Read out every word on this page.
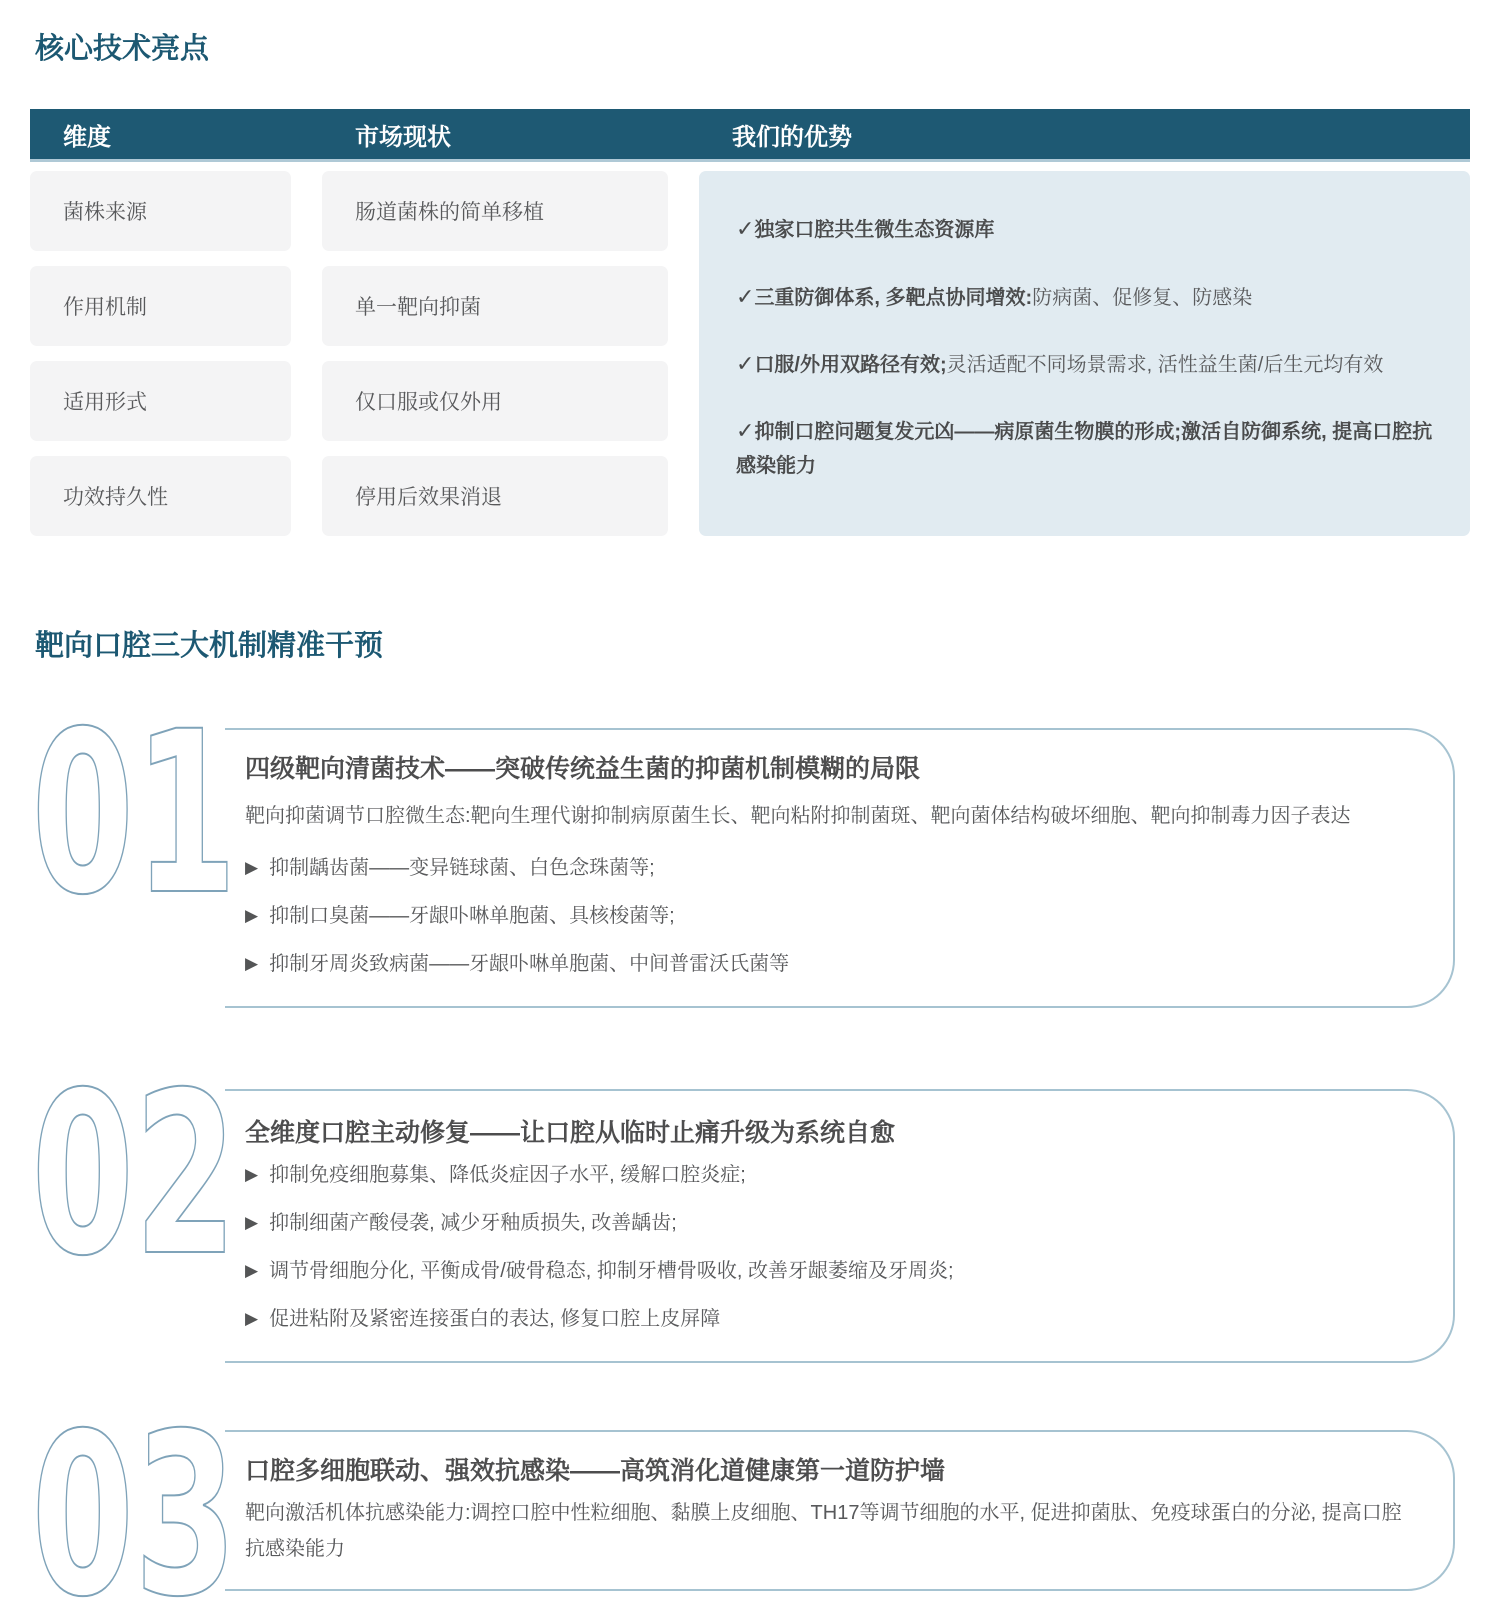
核心技术亮点
维度	市场现状	我们的优势
菌株来源	肠道菌株的简单移植
作用机制	单一靶向抑菌
适用形式	仅口服或仅外用
功效持久性	停用后效果消退
✓独家口腔共生微生态资源库
✓三重防御体系, 多靶点协同增效:防病菌、促修复、防感染
✓口服/外用双路径有效;灵活适配不同场景需求, 活性益生菌/后生元均有效
✓抑制口腔问题复发元凶——病原菌生物膜的形成;激活自防御系统, 提高口腔抗感染能力
靶向口腔三大机制精准干预
01 四级靶向清菌技术——突破传统益生菌的抑菌机制模糊的局限
靶向抑菌调节口腔微生态:靶向生理代谢抑制病原菌生长、靶向粘附抑制菌斑、靶向菌体结构破坏细胞、靶向抑制毒力因子表达
▶ 抑制龋齿菌——变异链球菌、白色念珠菌等;
▶ 抑制口臭菌——牙龈卟啉单胞菌、具核梭菌等;
▶ 抑制牙周炎致病菌——牙龈卟啉单胞菌、中间普雷沃氏菌等
02 全维度口腔主动修复——让口腔从临时止痛升级为系统自愈
▶ 抑制免疫细胞募集、降低炎症因子水平, 缓解口腔炎症;
▶ 抑制细菌产酸侵袭, 减少牙釉质损失, 改善龋齿;
▶ 调节骨细胞分化, 平衡成骨/破骨稳态, 抑制牙槽骨吸收, 改善牙龈萎缩及牙周炎;
▶ 促进粘附及紧密连接蛋白的表达, 修复口腔上皮屏障
03 口腔多细胞联动、强效抗感染——高筑消化道健康第一道防护墙
靶向激活机体抗感染能力:调控口腔中性粒细胞、黏膜上皮细胞、TH17等调节细胞的水平, 促进抑菌肽、免疫球蛋白的分泌, 提高口腔抗感染能力
